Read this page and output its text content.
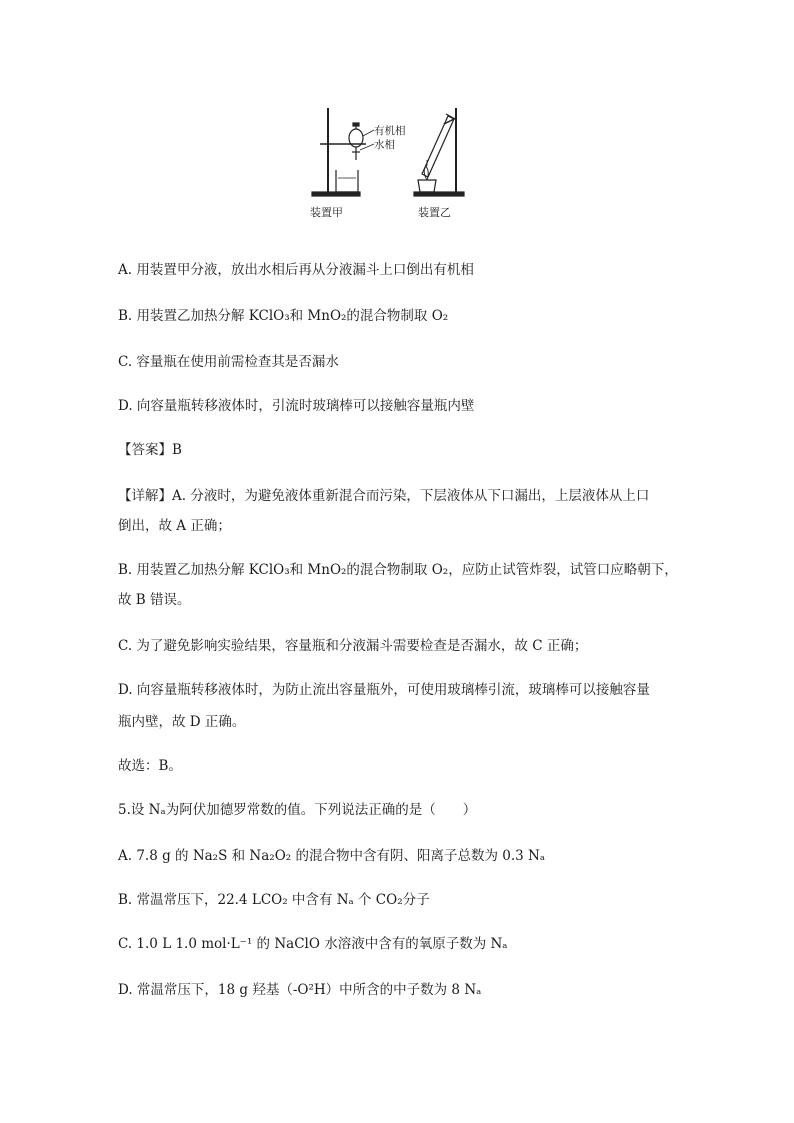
有机相
水相
装置甲	装置乙
A. 用装置甲分液，放出水相后再从分液漏斗上口倒出有机相
B. 用装置乙加热分解 KClO₃和 MnO₂的混合物制取 O₂
C. 容量瓶在使用前需检查其是否漏水
D. 向容量瓶转移液体时，引流时玻璃棒可以接触容量瓶内壁
【答案】B
【详解】A. 分液时，为避免液体重新混合而污染，下层液体从下口漏出，上层液体从上口
倒出，故 A 正确；
B. 用装置乙加热分解 KClO₃和 MnO₂的混合物制取 O₂，应防止试管炸裂，试管口应略朝下，
故 B 错误。
C. 为了避免影响实验结果，容量瓶和分液漏斗需要检查是否漏水，故 C 正确；
D. 向容量瓶转移液体时，为防止流出容量瓶外，可使用玻璃棒引流，玻璃棒可以接触容量
瓶内壁，故 D 正确。
故选：B。
5.设 Nₐ为阿伏加德罗常数的值。下列说法正确的是（　　）
A. 7.8 g 的 Na₂S 和 Na₂O₂ 的混合物中含有阴、阳离子总数为 0.3 Nₐ
B. 常温常压下，22.4 LCO₂ 中含有 Nₐ 个 CO₂分子
C. 1.0 L 1.0 mol·L⁻¹ 的 NaClO 水溶液中含有的氧原子数为 Nₐ
D. 常温常压下，18 g 羟基（-O²H）中所含的中子数为 8 Nₐ
